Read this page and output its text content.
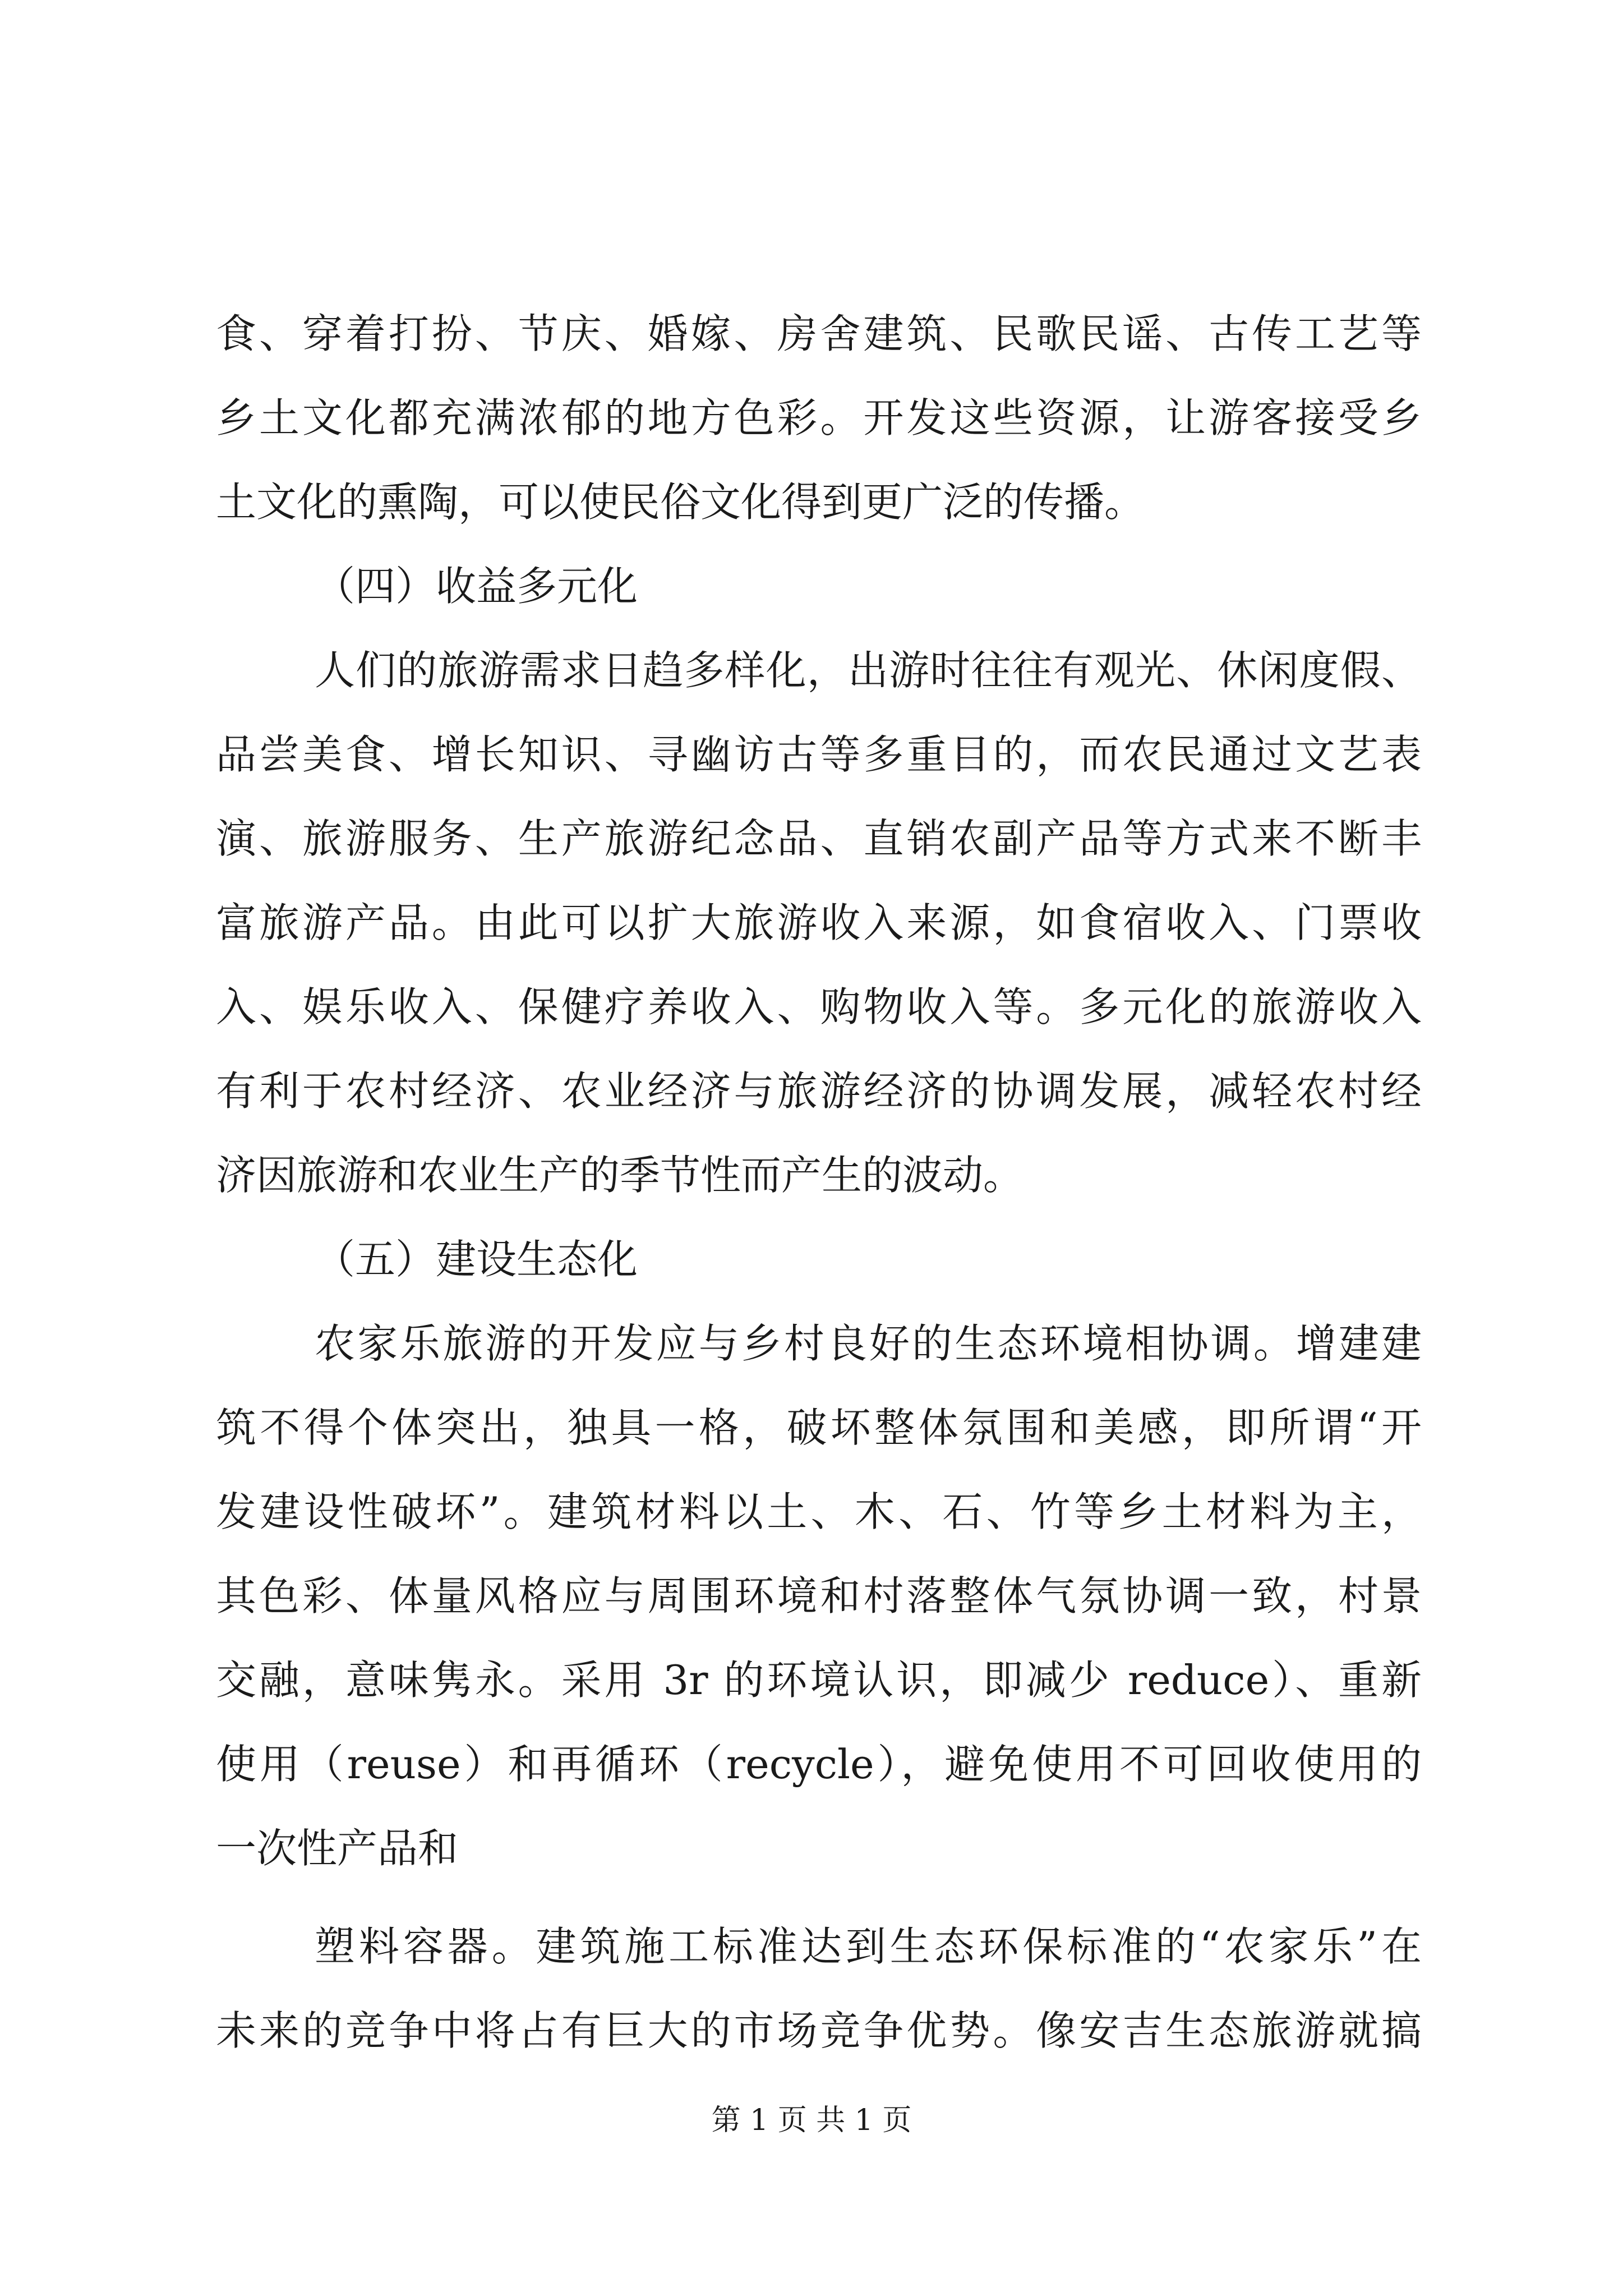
食、穿着打扮、节庆、婚嫁、房舍建筑、民歌民谣、古传工艺等
乡土文化都充满浓郁的地方色彩。开发这些资源，让游客接受乡
土文化的熏陶，可以使民俗文化得到更广泛的传播。
（四）收益多元化
人们的旅游需求日趋多样化，出游时往往有观光、休闲度假、
品尝美食、增长知识、寻幽访古等多重目的，而农民通过文艺表
演、旅游服务、生产旅游纪念品、直销农副产品等方式来不断丰
富旅游产品。由此可以扩大旅游收入来源，如食宿收入、门票收
入、娱乐收入、保健疗养收入、购物收入等。多元化的旅游收入
有利于农村经济、农业经济与旅游经济的协调发展，减轻农村经
济因旅游和农业生产的季节性而产生的波动。
（五）建设生态化
农家乐旅游的开发应与乡村良好的生态环境相协调。增建建
筑不得个体突出，独具一格，破坏整体氛围和美感，即所谓“开
发建设性破坏”。建筑材料以土、木、石、竹等乡土材料为主，
其色彩、体量风格应与周围环境和村落整体气氛协调一致，村景
交融，意味隽永。采用 3r 的环境认识，即减少 reduce）、重新
使用（reuse）和再循环（recycle），避免使用不可回收使用的
一次性产品和
塑料容器。建筑施工标准达到生态环保标准的“农家乐”在
未来的竞争中将占有巨大的市场竞争优势。像安吉生态旅游就搞
第 1 页 共 1 页
